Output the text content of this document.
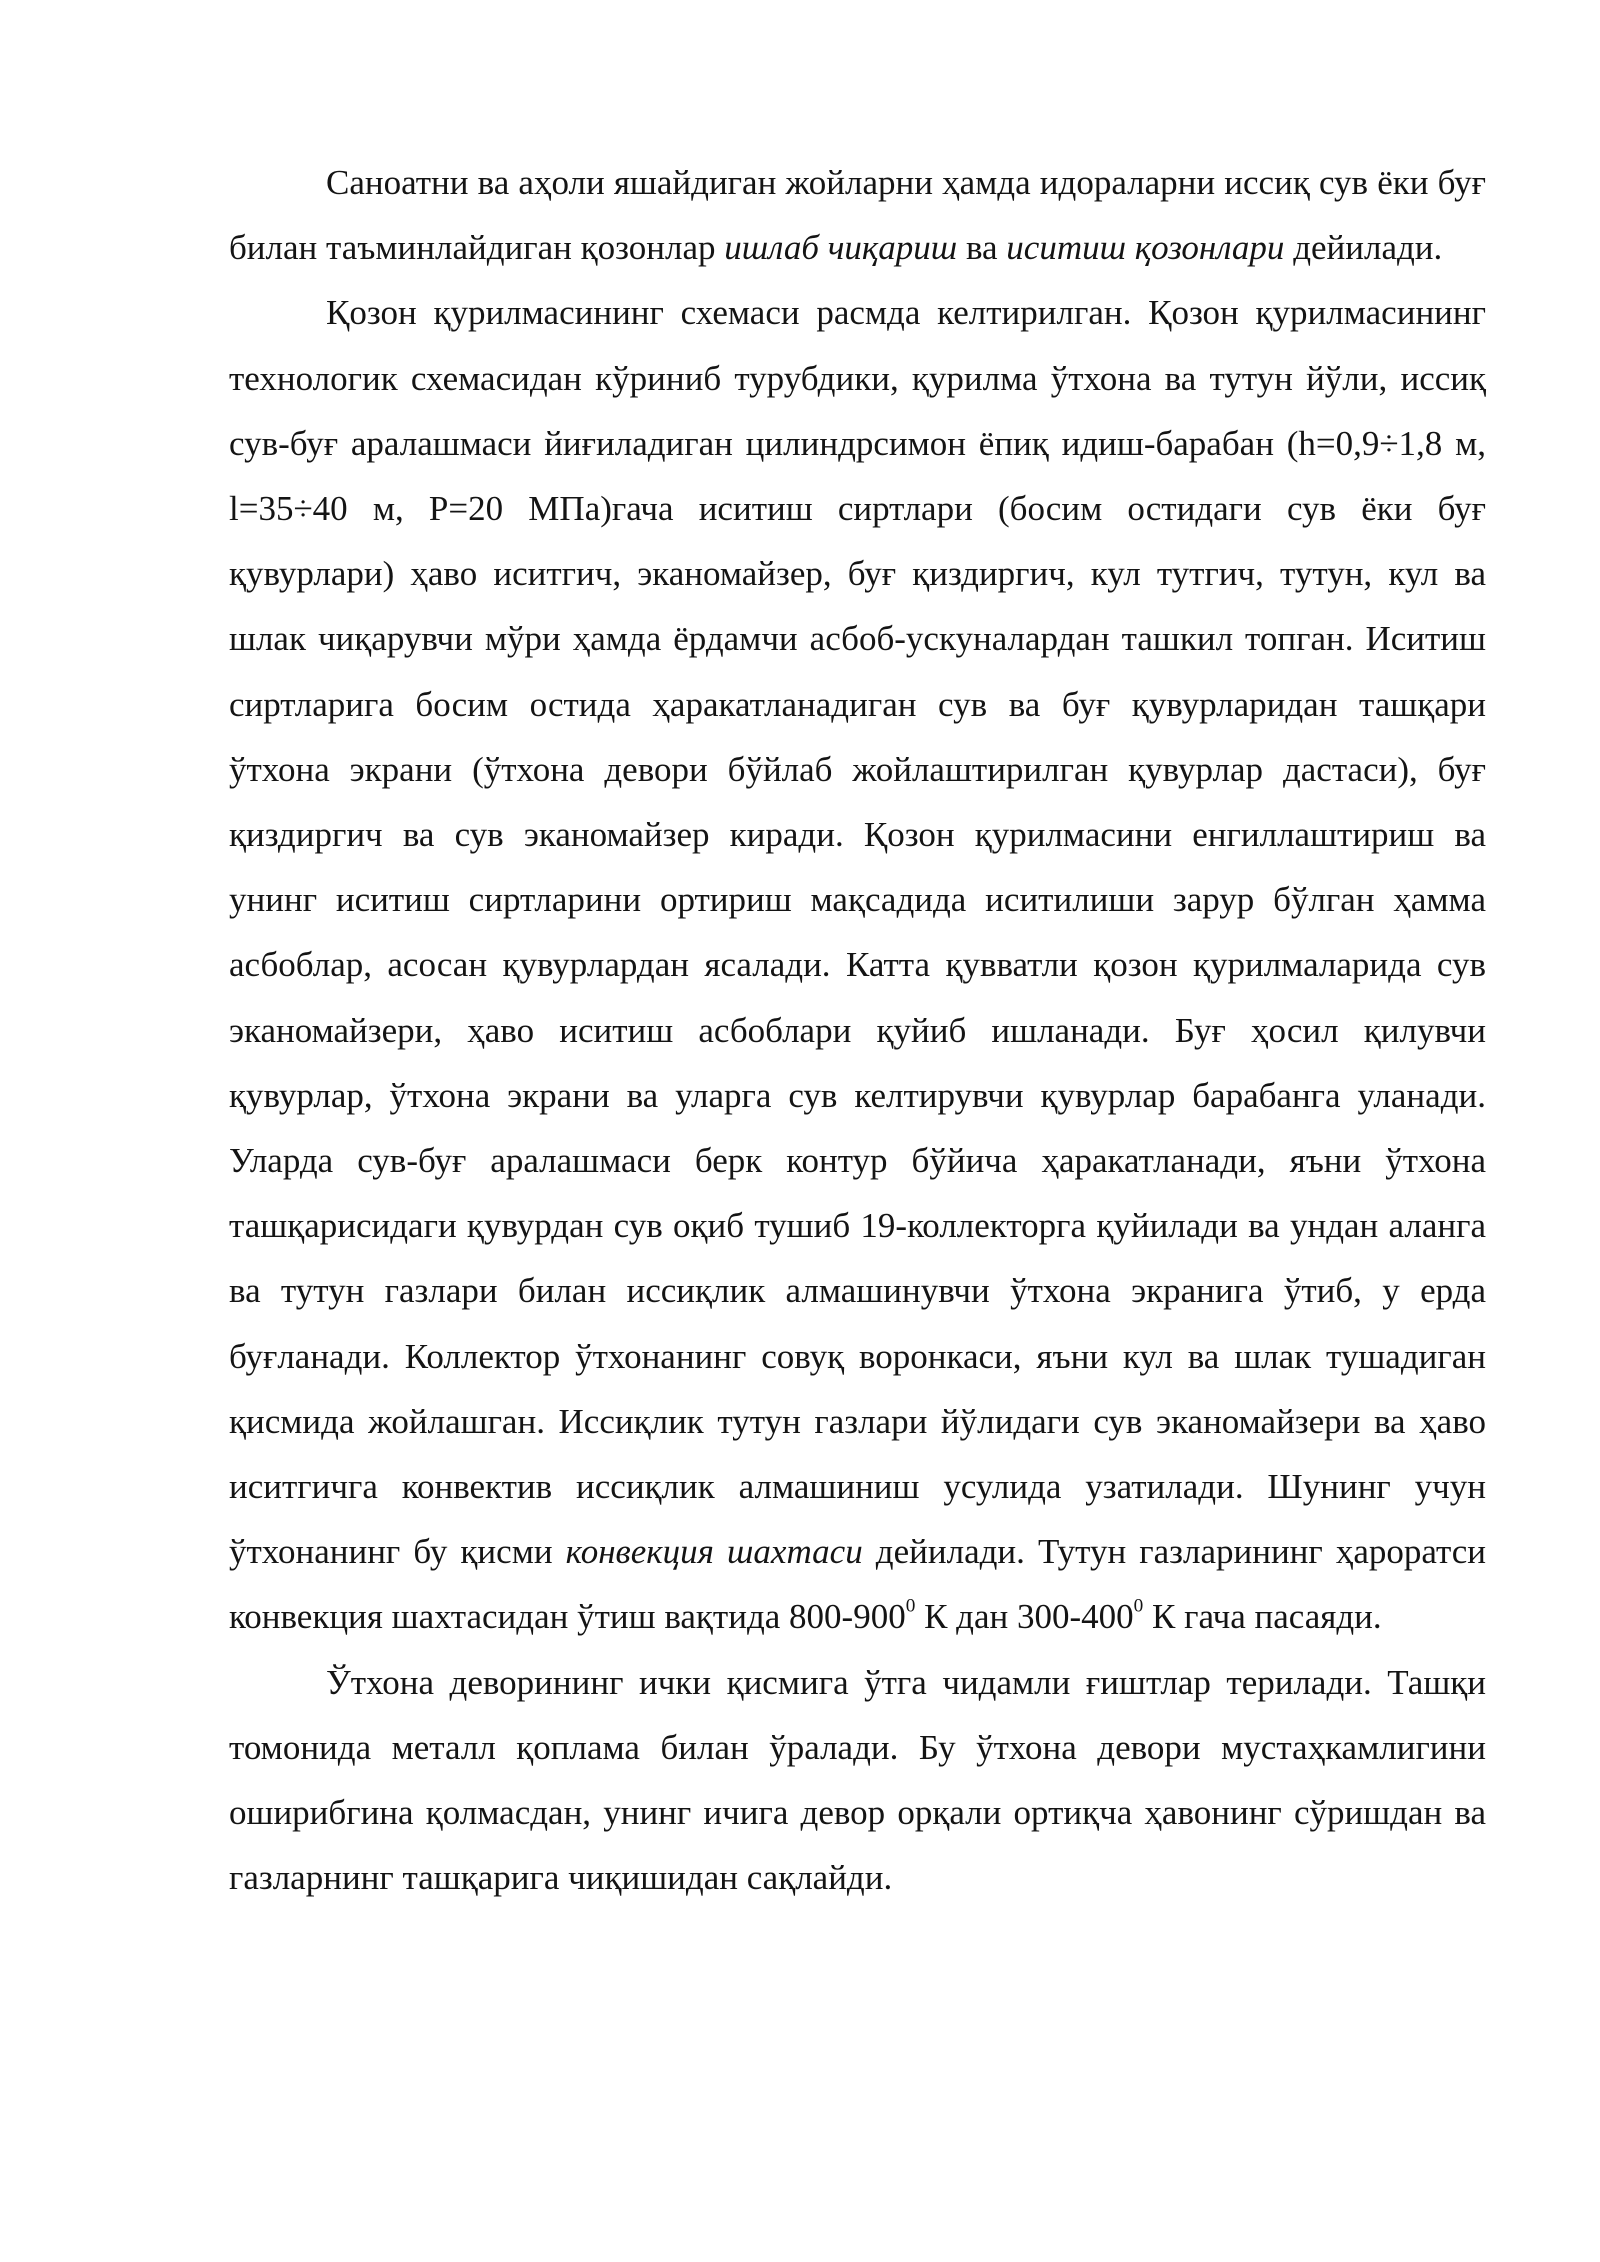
Саноатни ва аҳоли яшайдиган жойларни ҳамда идораларни иссиқ сув ёки буғ билан таъминлайдиган қозонлар ишлаб чиқариш ва иситиш қозонлари дейилади.

Қозон қурилмасининг схемаси расмда келтирилган. Қозон қурилмасининг технологик схемасидан кўриниб турубдики, қурилма ўтхона ва тутун йўли, иссиқ сув-буғ аралашмаси йиғиладиган цилиндрсимон ёпиқ идиш-барабан (h=0,9÷1,8 м, l=35÷40 м, P=20 МПа)гача иситиш сиртлари (босим остидаги сув ёки буғ қувурлари) ҳаво иситгич, эканомайзер, буғ қиздиргич, кул тутгич, тутун, кул ва шлак чиқарувчи мўри ҳамда ёрдамчи асбоб-ускуналардан ташкил топган. Иситиш сиртларига босим остида ҳаракатланадиган сув ва буғ қувурларидан ташқари ўтхона экрани (ўтхона девори бўйлаб жойлаштирилган қувурлар дастаси), буғ қиздиргич ва сув эканомайзер киради. Қозон қурилмасини енгиллаштириш ва унинг иситиш сиртларини ортириш мақсадида иситилиши зарур бўлган ҳамма асбоблар, асосан қувурлардан ясалади. Катта қувватли қозон қурилмаларида сув эканомайзери, ҳаво иситиш асбоблари қуйиб ишланади. Буғ ҳосил қилувчи қувурлар, ўтхона экрани ва уларга сув келтирувчи қувурлар барабанга уланади. Уларда сув-буғ аралашмаси берк контур бўйича ҳаракатланади, яъни ўтхона ташқарисидаги қувурдан сув оқиб тушиб 19-коллекторга қуйилади ва ундан аланга ва тутун газлари билан иссиқлик алмашинувчи ўтхона экранига ўтиб, у ерда буғланади. Коллектор ўтхонанинг совуқ воронкаси, яъни кул ва шлак тушадиган қисмида жойлашган. Иссиқлик тутун газлари йўлидаги сув эканомайзери ва ҳаво иситгичга конвектив иссиқлик алмашиниш усулида узатилади. Шунинг учун ўтхонанинг бу қисми конвекция шахтаси дейилади. Тутун газларининг ҳароратси конвекция шахтасидан ўтиш вақтида $800-900^0$ К дан $300-400^0$ К гача пасаяди.

Ўтхона деворининг ички қисмига ўтга чидамли ғиштлар терилади. Ташқи томонида металл қоплама билан ўралади. Бу ўтхона девори мустаҳкамлигини оширибгина қолмасдан, унинг ичига девор орқали ортиқча ҳавонинг сўришдан ва газларнинг ташқарига чиқишидан сақлайди.
